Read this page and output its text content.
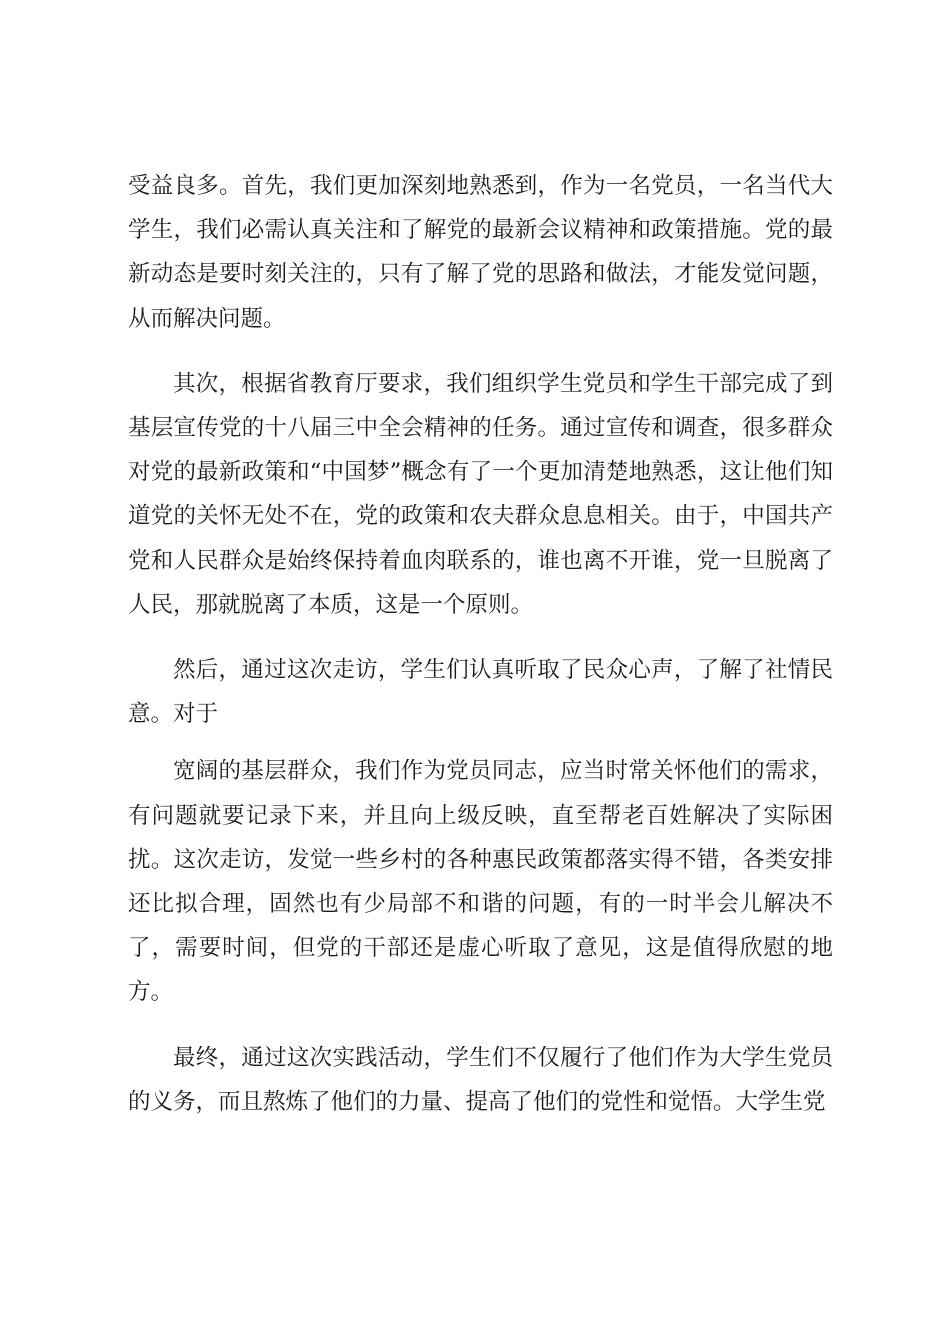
受益良多。首先，我们更加深刻地熟悉到，作为一名党员，一名当代大学生，我们必需认真关注和了解党的最新会议精神和政策措施。党的最新动态是要时刻关注的，只有了解了党的思路和做法，才能发觉问题，从而解决问题。

其次，根据省教育厅要求，我们组织学生党员和学生干部完成了到基层宣传党的十八届三中全会精神的任务。通过宣传和调查，很多群众对党的最新政策和“中国梦”概念有了一个更加清楚地熟悉，这让他们知道党的关怀无处不在，党的政策和农夫群众息息相关。由于，中国共产党和人民群众是始终保持着血肉联系的，谁也离不开谁，党一旦脱离了人民，那就脱离了本质，这是一个原则。

然后，通过这次走访，学生们认真听取了民众心声，了解了社情民意。对于

宽阔的基层群众，我们作为党员同志，应当时常关怀他们的需求，有问题就要记录下来，并且向上级反映，直至帮老百姓解决了实际困扰。这次走访，发觉一些乡村的各种惠民政策都落实得不错，各类安排还比拟合理，固然也有少局部不和谐的问题，有的一时半会儿解决不了，需要时间，但党的干部还是虚心听取了意见，这是值得欣慰的地方。

最终，通过这次实践活动，学生们不仅履行了他们作为大学生党员的义务，而且熬炼了他们的力量、提高了他们的党性和觉悟。大学生党
